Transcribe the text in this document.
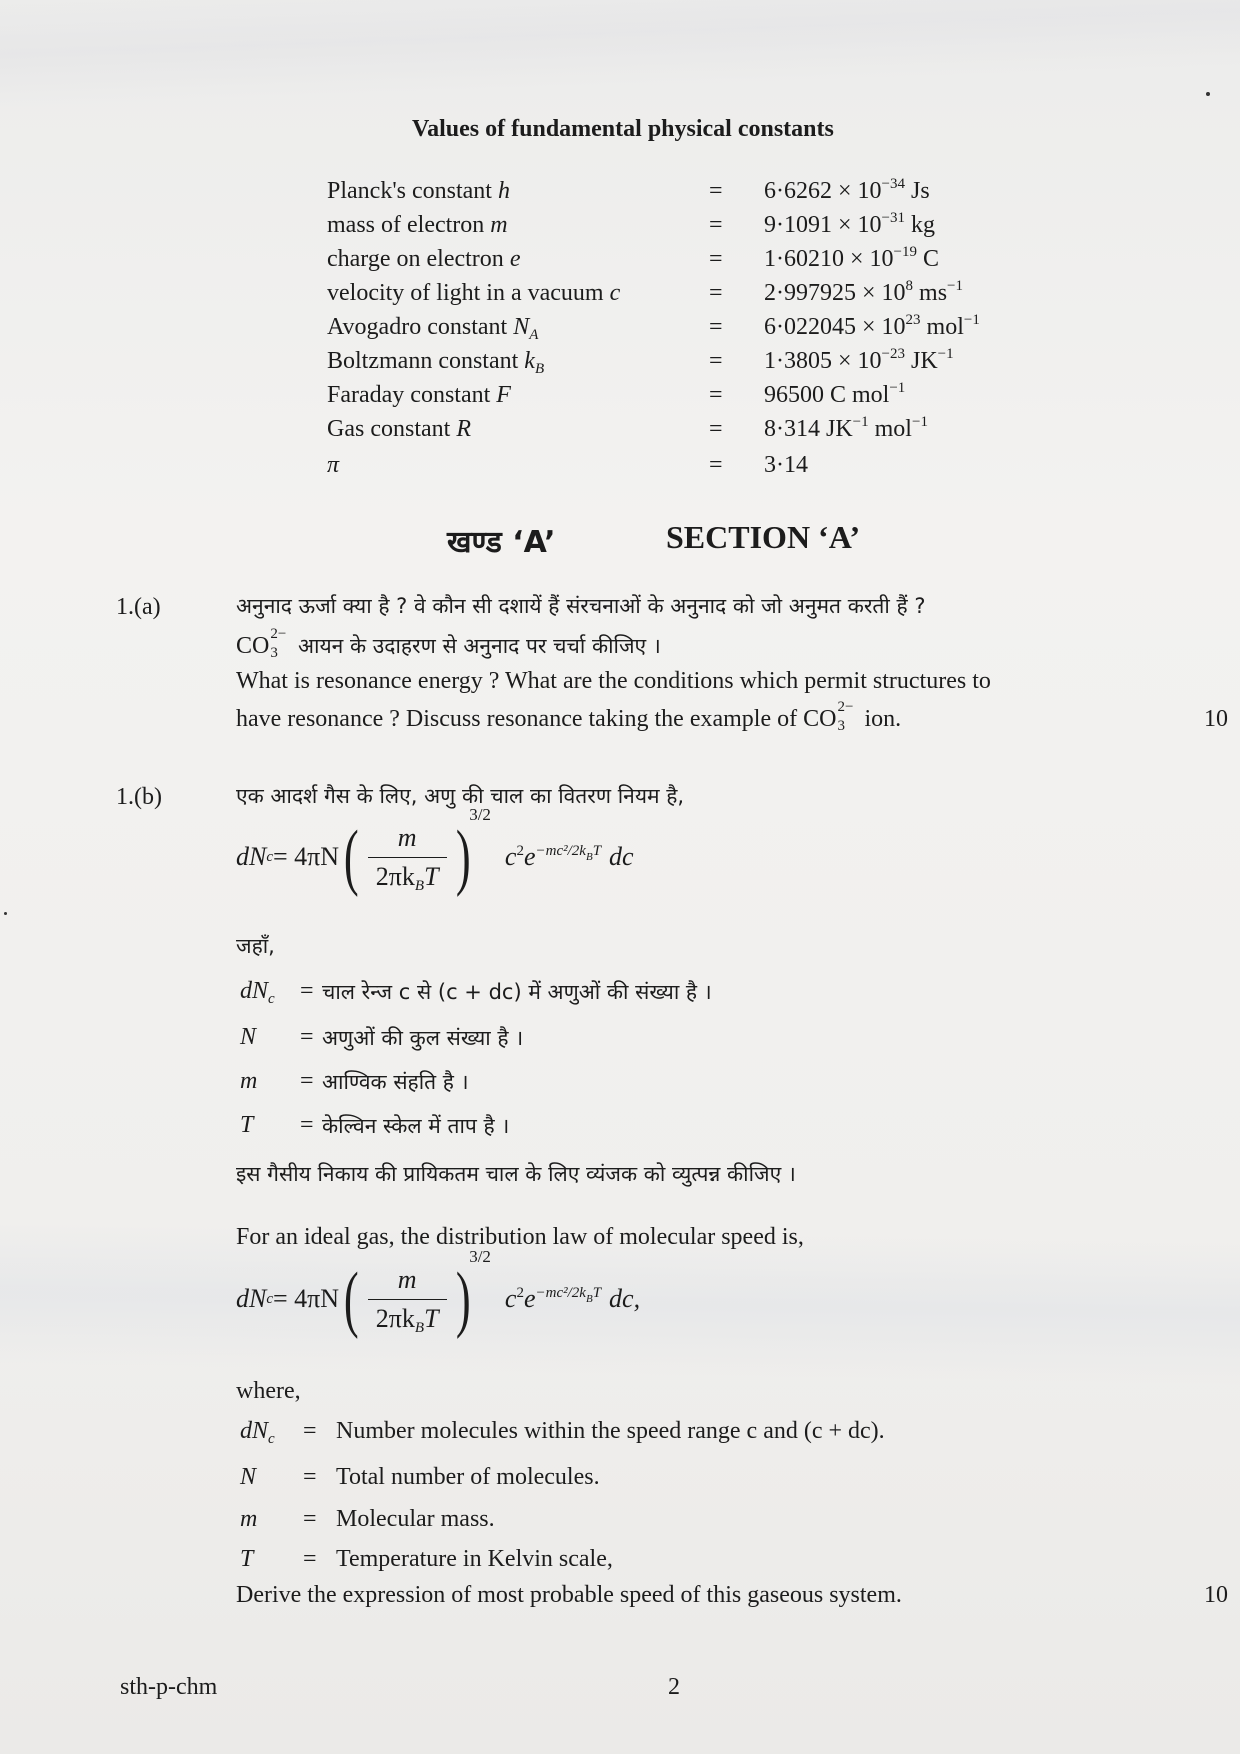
Values of fundamental physical constants
Planck's constant h	= $6\cdot 6262 \times 10^{-34}$ Js
mass of electron m	= $9\cdot 1091 \times 10^{-31}$ kg
charge on electron e	= $1\cdot 60210 \times 10^{-19}$ C
velocity of light in a vacuum c	= $2\cdot 997925 \times 10^8$ $ms^{-1}$
Avogadro constant $N_A$	= $6\cdot 022045 \times 10^{23}$ mol$^{-1}$
Boltzmann constant $k_B$	= $1\cdot 3805 \times 10^{-23}$ $JK^{-1}$
Faraday constant F	= 96500 C mol$^{-1}$
Gas constant R	= 8·314 $JK^{-1}$ mol$^{-1}$
π	= 3·14
खण्ड ‘A’	SECTION ‘A’
1.(a)	अनुनाद ऊर्जा क्या है ? वे कौन सी दशायें हैं संरचनाओं के अनुनाद को जो अनुमत करती हैं ?
CO 2−
3 आयन के उदाहरण से अनुनाद पर चर्चा कीजिए ।
What is resonance energy ? What are the conditions which permit structures to
have resonance ? Discuss resonance taking the example of CO 2−
3 ion.	10
1.(b)	एक आदर्श गैस के लिए, अणु की चाल का वितरण नियम है,
dN c = 4πN ( $\frac{m}{2\pi k_BT}$ )
3/2
$c^2$ $e^{-mc^2/2k_BT}$ dc
जहाँ,
$dN_c$ = चाल रेन्ज c से (c + dc) में अणुओं की संख्या है ।
N = अणुओं की कुल संख्या है ।
m = आण्विक संहति है ।
T = केल्विन स्केल में ताप है ।
इस गैसीय निकाय की प्रायिकतम चाल के लिए व्यंजक को व्युत्पन्न कीजिए ।
For an ideal gas, the distribution law of molecular speed is,
dN c = 4πN ( $\frac{m}{2\pi k_BT}$ )
3/2
$c^2$ $e^{-mc^2/2k_BT}$ dc,
where,
$dN_c$ = Number molecules within the speed range c and (c + dc).
N = Total number of molecules.
m = Molecular mass.
T = Temperature in Kelvin scale,
Derive the expression of most probable speed of this gaseous system.	10
sth-p-chm	2
